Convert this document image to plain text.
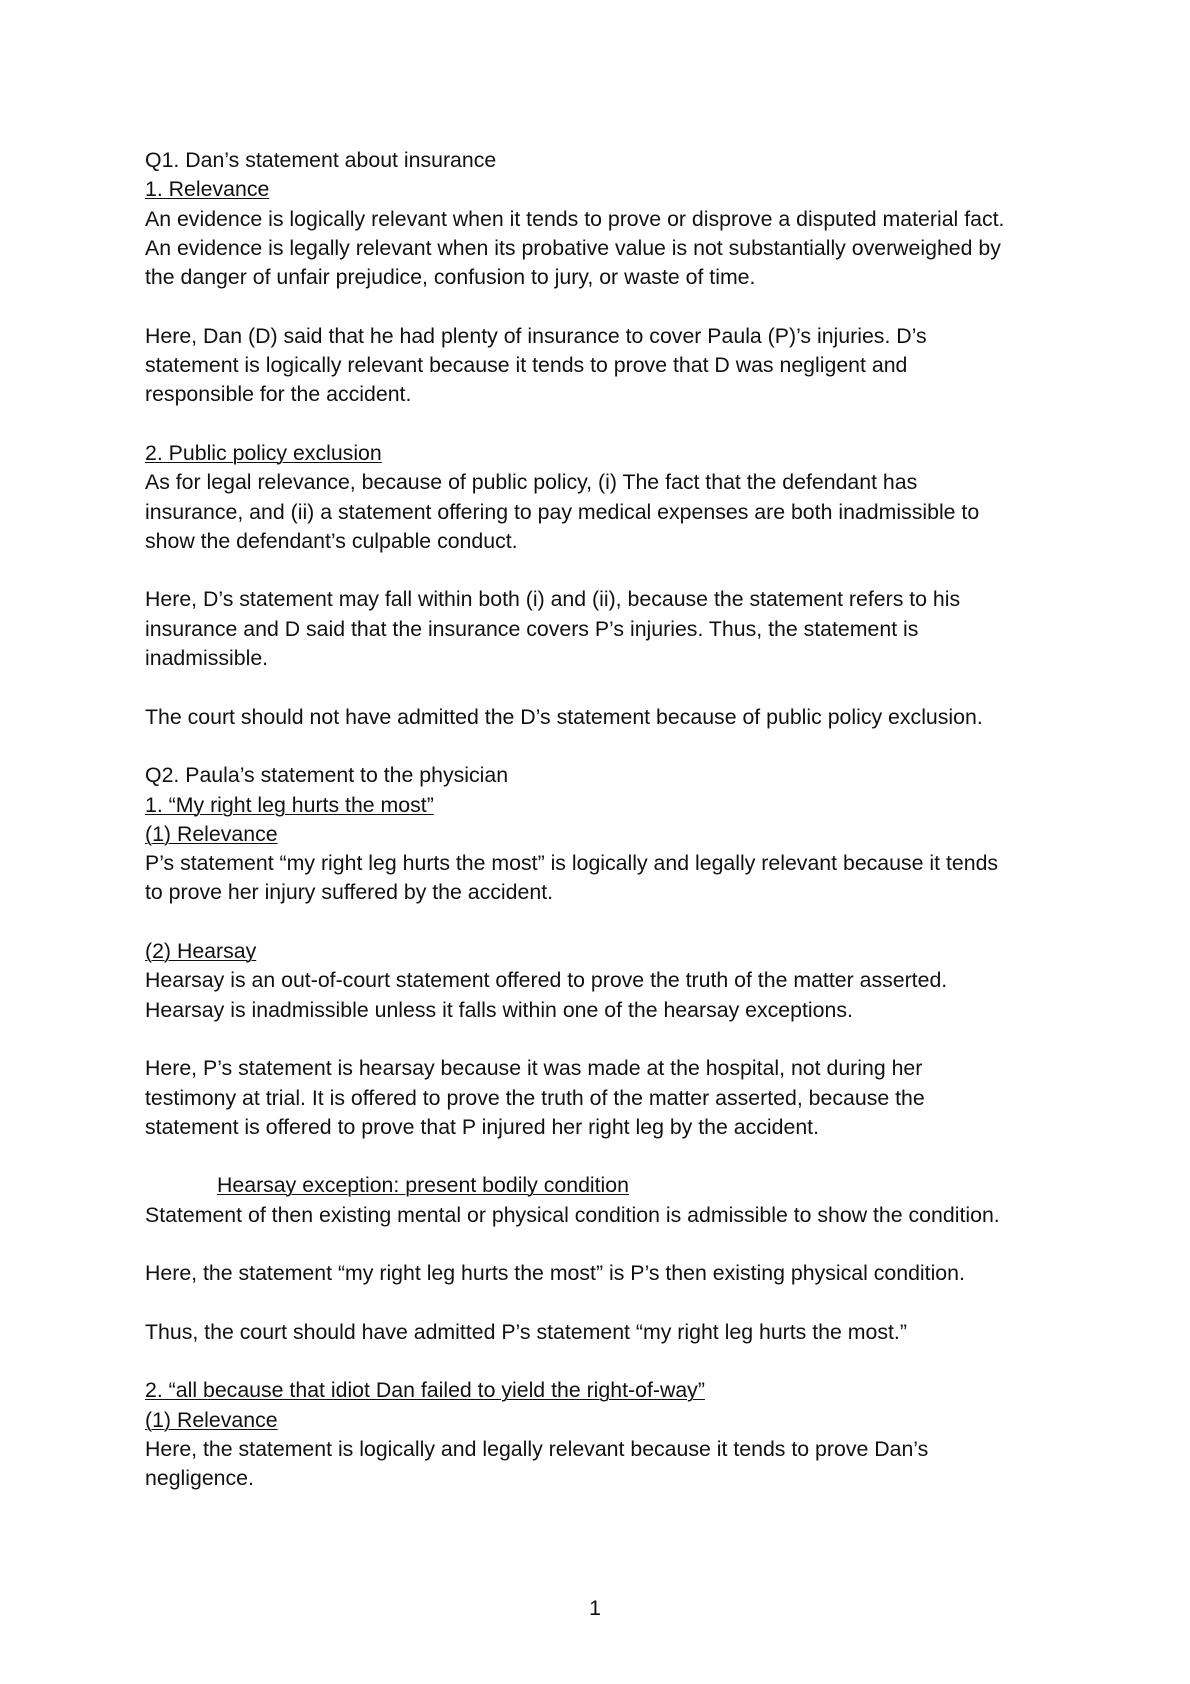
Q1. Dan’s statement about insurance
1. Relevance
An evidence is logically relevant when it tends to prove or disprove a disputed material fact.
An evidence is legally relevant when its probative value is not substantially overweighed by
the danger of unfair prejudice, confusion to jury, or waste of time.
Here, Dan (D) said that he had plenty of insurance to cover Paula (P)’s injuries. D’s
statement is logically relevant because it tends to prove that D was negligent and
responsible for the accident.
2. Public policy exclusion
As for legal relevance, because of public policy, (i) The fact that the defendant has
insurance, and (ii) a statement offering to pay medical expenses are both inadmissible to
show the defendant’s culpable conduct.
Here, D’s statement may fall within both (i) and (ii), because the statement refers to his
insurance and D said that the insurance covers P’s injuries. Thus, the statement is
inadmissible.
The court should not have admitted the D’s statement because of public policy exclusion.
Q2. Paula’s statement to the physician
1. “My right leg hurts the most”
(1) Relevance
P’s statement “my right leg hurts the most” is logically and legally relevant because it tends
to prove her injury suffered by the accident.
(2) Hearsay
Hearsay is an out-of-court statement offered to prove the truth of the matter asserted.
Hearsay is inadmissible unless it falls within one of the hearsay exceptions.
Here, P’s statement is hearsay because it was made at the hospital, not during her
testimony at trial. It is offered to prove the truth of the matter asserted, because the
statement is offered to prove that P injured her right leg by the accident.
Hearsay exception: present bodily condition
Statement of then existing mental or physical condition is admissible to show the condition.
Here, the statement “my right leg hurts the most” is P’s then existing physical condition.
Thus, the court should have admitted P’s statement “my right leg hurts the most.”
2. “all because that idiot Dan failed to yield the right-of-way”
(1) Relevance
Here, the statement is logically and legally relevant because it tends to prove Dan’s
negligence.
1
